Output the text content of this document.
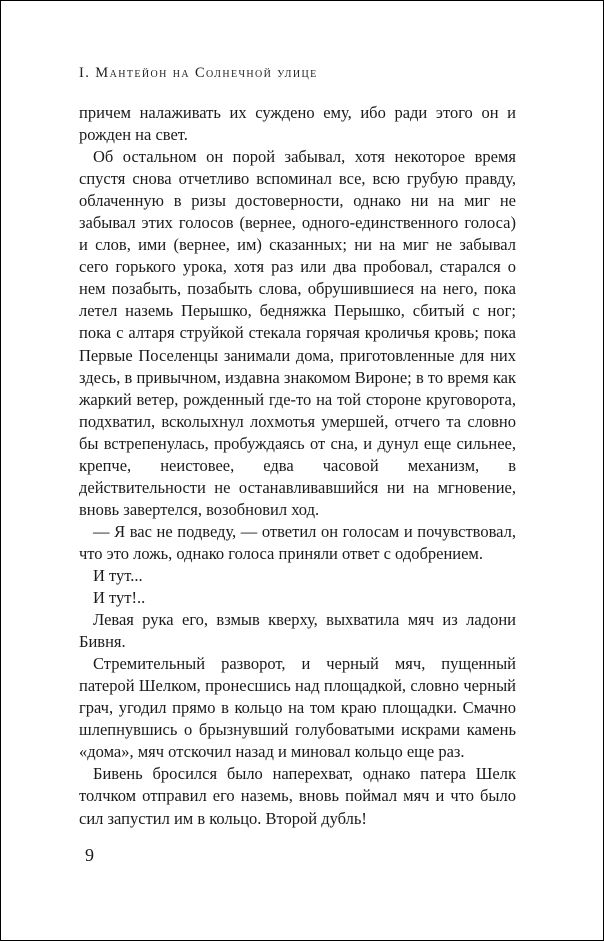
I. Мантейон на Солнечной улице

причем налаживать их суждено ему, ибо ради этого он и рожден на свет.

Об остальном он порой забывал, хотя некоторое время спустя снова отчетливо вспоминал все, всю грубую правду, облаченную в ризы достоверности, однако ни на миг не забывал этих голосов (вернее, одного-единственного голоса) и слов, ими (вернее, им) сказанных; ни на миг не забывал сего горького урока, хотя раз или два пробовал, старался о нем позабыть, позабыть слова, обрушившиеся на него, пока летел наземь Перышко, бедняжка Перышко, сбитый с ног; пока с алтаря струйкой стекала горячая кроличья кровь; пока Первые Поселенцы занимали дома, приготовленные для них здесь, в привычном, издавна знакомом Вироне; в то время как жаркий ветер, рожденный где-то на той стороне круговорота, подхватил, всколыхнул лохмотья умершей, отчего та словно бы встрепенулась, пробуждаясь от сна, и дунул еще сильнее, крепче, неистовее, едва часовой механизм, в действительности не останавливавшийся ни на мгновение, вновь завертелся, возобновил ход.

— Я вас не подведу, — ответил он голосам и почувствовал, что это ложь, однако голоса приняли ответ с одобрением.

И тут...

И тут!..

Левая рука его, взмыв кверху, выхватила мяч из ладони Бивня.

Стремительный разворот, и черный мяч, пущенный патерой Шелком, пронесшись над площадкой, словно черный грач, угодил прямо в кольцо на том краю площадки. Смачно шлепнувшись о брызнувший голубоватыми искрами камень «дома», мяч отскочил назад и миновал кольцо еще раз.

Бивень бросился было наперехват, однако патера Шелк толчком отправил его наземь, вновь поймал мяч и что было сил запустил им в кольцо. Второй дубль!

9
